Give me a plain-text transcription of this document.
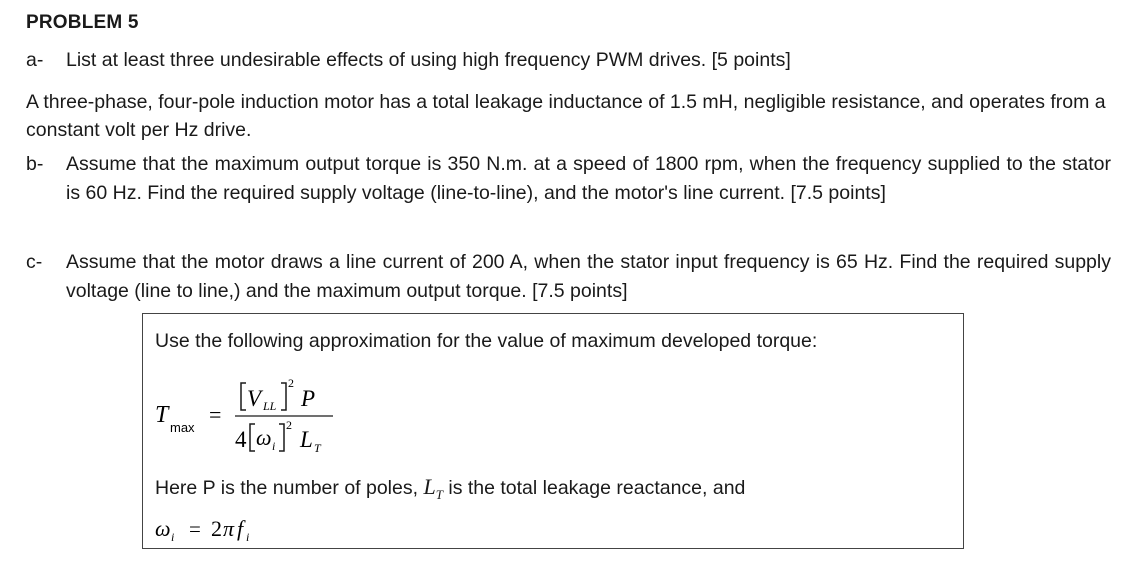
PROBLEM 5
a-	List at least three undesirable effects of using high frequency PWM drives. [5 points]
A three-phase, four-pole induction motor has a total leakage inductance of 1.5 mH, negligible resistance, and operates from a constant volt per Hz drive.
b-	Assume that the maximum output torque is 350 N.m. at a speed of 1800 rpm, when the frequency supplied to the stator is 60 Hz. Find the required supply voltage (line-to-line), and the motor's line current. [7.5 points]
c-	Assume that the motor draws a line current of 200 A, when the stator input frequency is 65 Hz. Find the required supply voltage (line to line,) and the maximum output torque. [7.5 points]
Use the following approximation for the value of maximum developed torque:
T max
=
V LL
2
P
4 ω i
2
L T
Here P is the number of poles, $L_T$ is the total leakage reactance, and
ω i = 2 π f i
